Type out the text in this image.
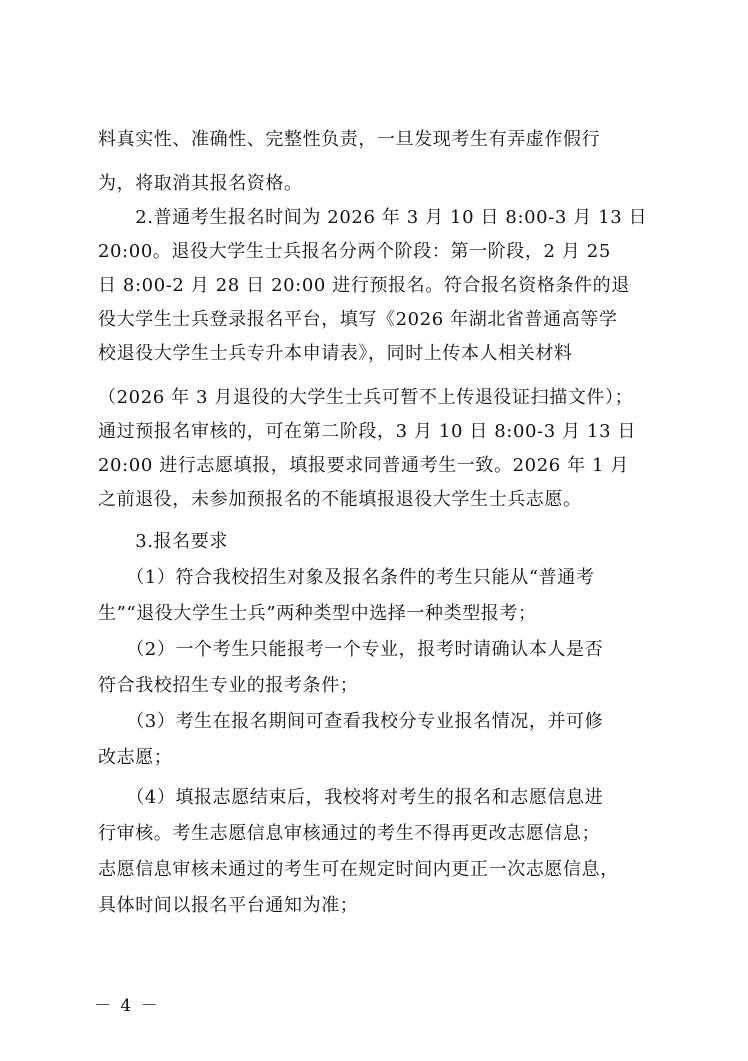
料真实性、准确性、完整性负责，一旦发现考生有弄虚作假行
为，将取消其报名资格。
　　2.普通考生报名时间为 2026 年 3 月 10 日 8:00-3 月 13 日
20:00。退役大学生士兵报名分两个阶段：第一阶段，2 月 25
日 8:00-2 月 28 日 20:00 进行预报名。符合报名资格条件的退
役大学生士兵登录报名平台，填写《2026 年湖北省普通高等学
校退役大学生士兵专升本申请表》，同时上传本人相关材料
（2026 年 3 月退役的大学生士兵可暂不上传退役证扫描文件）；
通过预报名审核的，可在第二阶段，3 月 10 日 8:00-3 月 13 日
20:00 进行志愿填报，填报要求同普通考生一致。2026 年 1 月
之前退役，未参加预报名的不能填报退役大学生士兵志愿。
　　3.报名要求
　　（1）符合我校招生对象及报名条件的考生只能从“普通考
生”“退役大学生士兵”两种类型中选择一种类型报考；
　　（2）一个考生只能报考一个专业，报考时请确认本人是否
符合我校招生专业的报考条件；
　　（3）考生在报名期间可查看我校分专业报名情况，并可修
改志愿；
　　（4）填报志愿结束后，我校将对考生的报名和志愿信息进
行审核。考生志愿信息审核通过的考生不得再更改志愿信息；
志愿信息审核未通过的考生可在规定时间内更正一次志愿信息，
具体时间以报名平台通知为准；
－ 4 －
